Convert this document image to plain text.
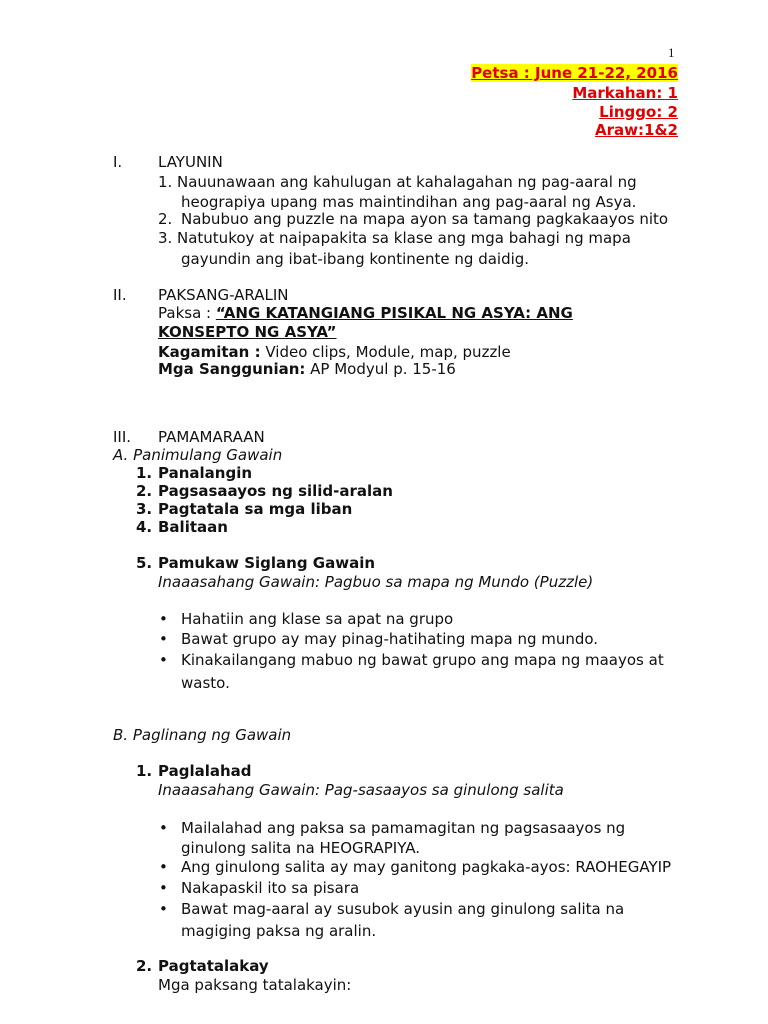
1
Petsa : June 21-22, 2016
Markahan: 1
Linggo: 2
Araw:1&2
I. LAYUNIN
1. Nauunawaan ang kahulugan at kahalagahan ng pag-aaral ng
heograpiya upang mas maintindihan ang pag-aaral ng Asya.
2. Nabubuo ang puzzle na mapa ayon sa tamang pagkakaayos nito
3. Natutukoy at naipapakita sa klase ang mga bahagi ng mapa
gayundin ang ibat-ibang kontinente ng daidig.
II. PAKSANG-ARALIN
Paksa : “ANG KATANGIANG PISIKAL NG ASYA: ANG
KONSEPTO NG ASYA”
Kagamitan : Video clips, Module, map, puzzle
Mga Sanggunian: AP Modyul p. 15-16
III. PAMAMARAAN
A. Panimulang Gawain
1. Panalangin
2. Pagsasaayos ng silid-aralan
3. Pagtatala sa mga liban
4. Balitaan
5. Pamukaw Siglang Gawain
Inaaasahang Gawain: Pagbuo sa mapa ng Mundo (Puzzle)
• Hahatiin ang klase sa apat na grupo
• Bawat grupo ay may pinag-hatihating mapa ng mundo.
• Kinakailangang mabuo ng bawat grupo ang mapa ng maayos at
wasto.
B. Paglinang ng Gawain
1. Paglalahad
Inaaasahang Gawain: Pag-sasaayos sa ginulong salita
• Mailalahad ang paksa sa pamamagitan ng pagsasaayos ng
ginulong salita na HEOGRAPIYA.
• Ang ginulong salita ay may ganitong pagkaka-ayos: RAOHEGAYIP
• Nakapaskil ito sa pisara
• Bawat mag-aaral ay susubok ayusin ang ginulong salita na
magiging paksa ng aralin.
2. Pagtatalakay
Mga paksang tatalakayin:
